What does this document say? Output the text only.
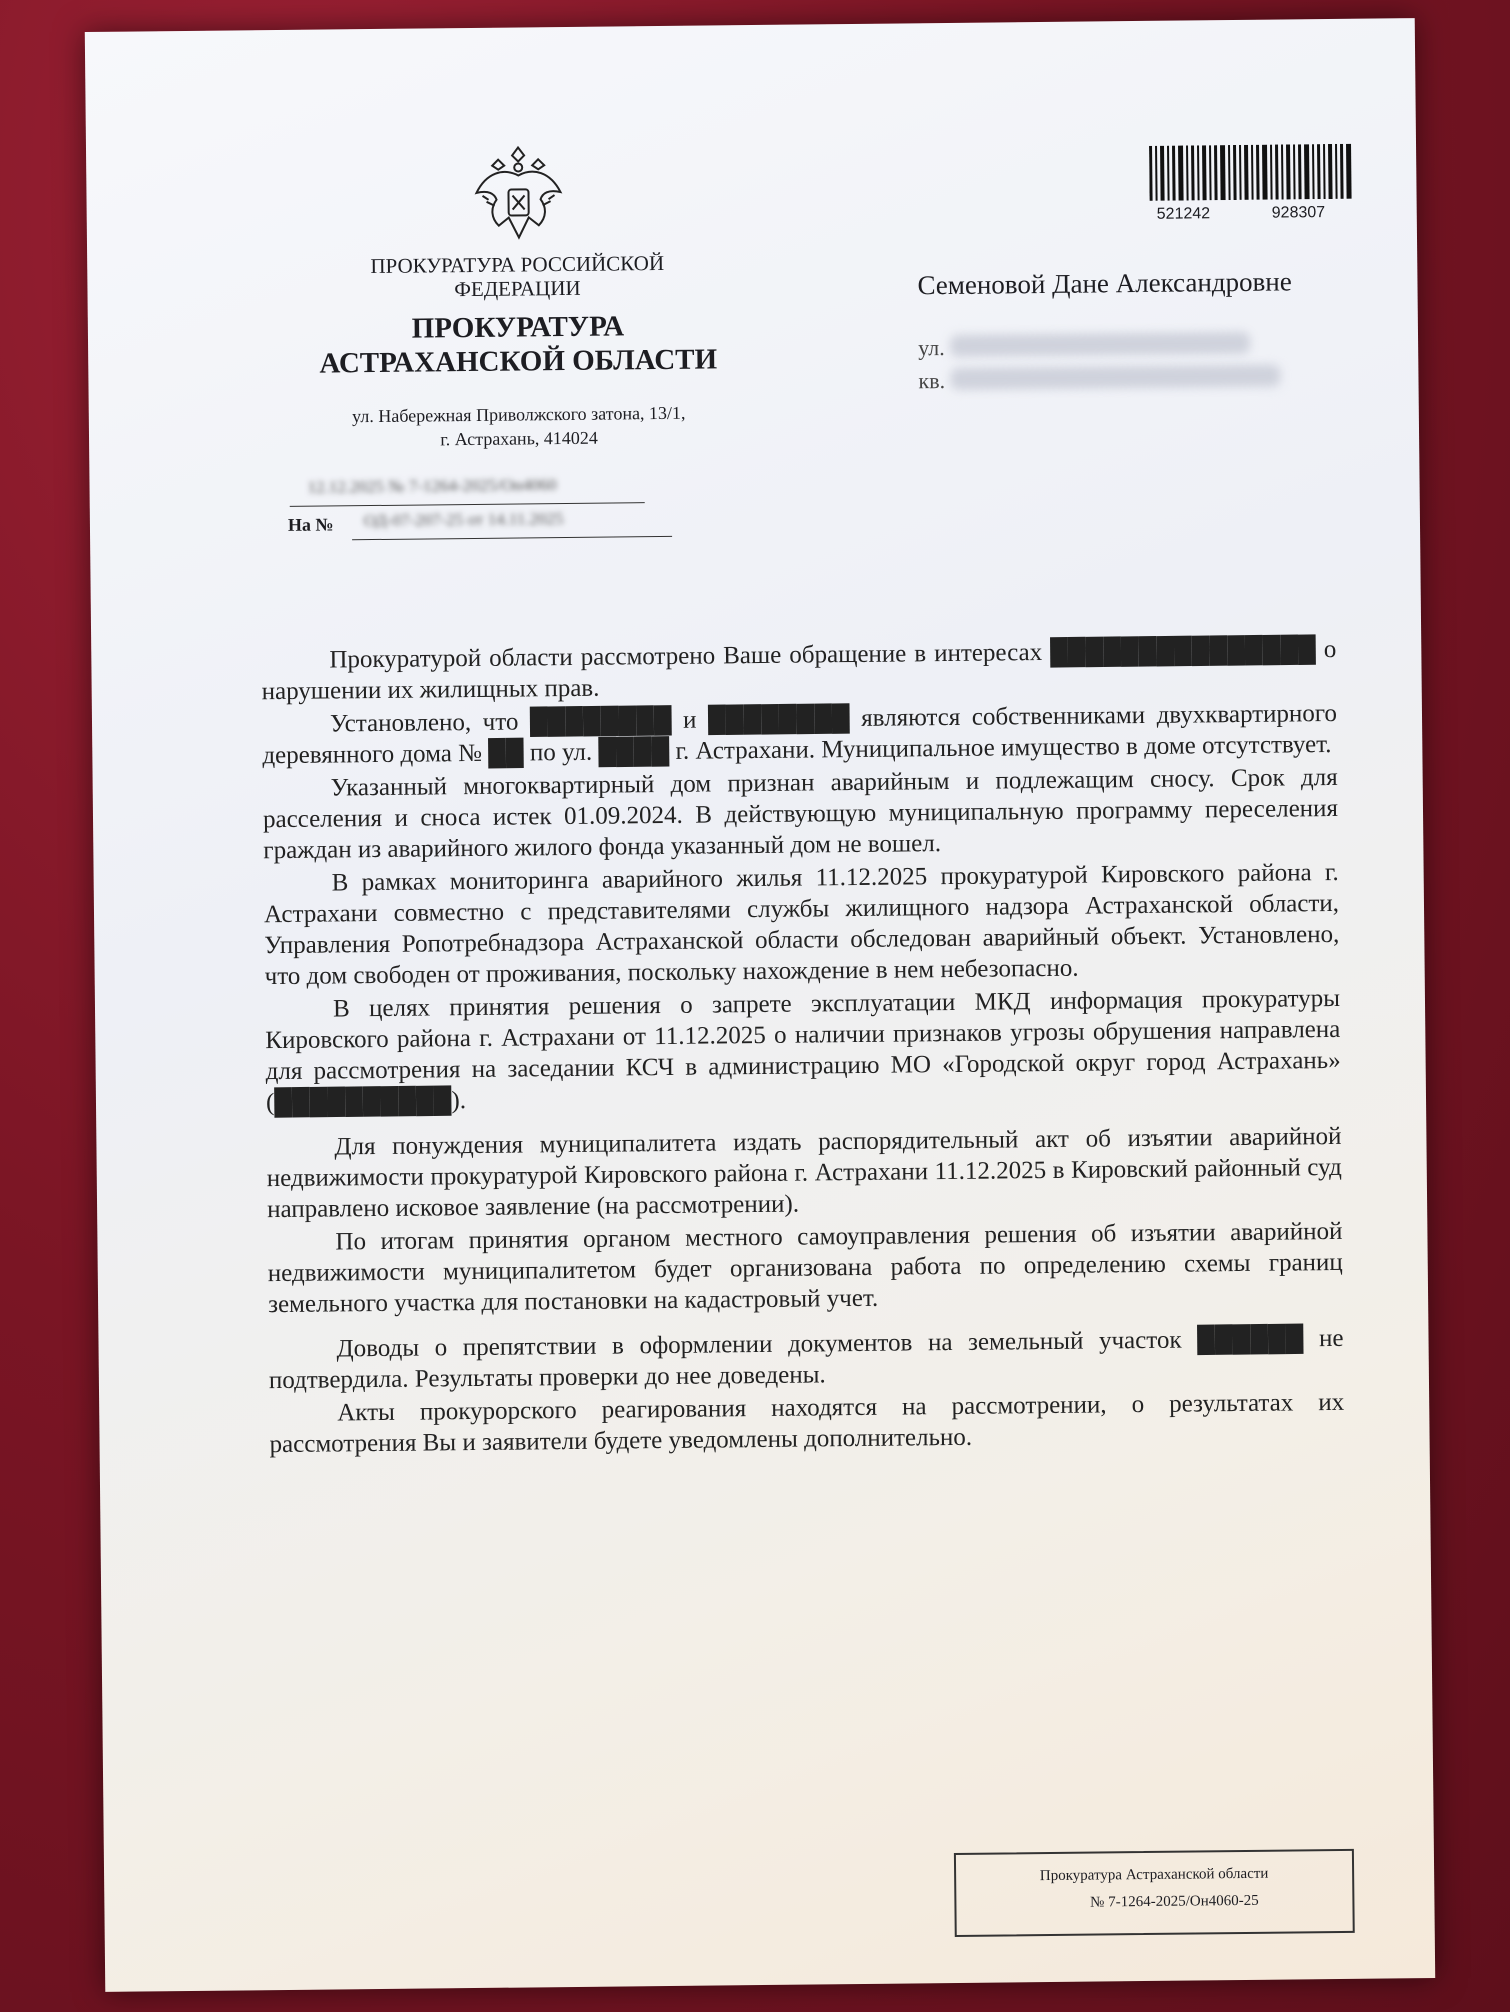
ПРОКУРАТУРА РОССИЙСКОЙ ФЕДЕРАЦИИ
ПРОКУРАТУРА
АСТРАХАНСКОЙ ОБЛАСТИ
ул. Набережная Приволжского затона, 13/1,
г. Астрахань, 414024
12.12.2025 № 7-1264-2025/Он4060
На №	ОД-07-207-25 от 14.11.2025
521242	928307
Семеновой Дане Александровне
ул.
кв.

Прокуратурой области рассмотрено Ваше обращение в интересах ███████████████ о нарушении их жилищных прав.

Установлено, что ████████ и ████████ являются собственниками двухквартирного деревянного дома № ██ по ул. ████ г. Астрахани. Муниципальное имущество в доме отсутствует.

Указанный многоквартирный дом признан аварийным и подлежащим сносу. Срок для расселения и сноса истек 01.09.2024. В действующую муниципальную программу переселения граждан из аварийного жилого фонда указанный дом не вошел.

В рамках мониторинга аварийного жилья 11.12.2025 прокуратурой Кировского района г. Астрахани совместно с представителями службы жилищного надзора Астраханской области, Управления Ропотребнадзора Астраханской области обследован аварийный объект. Установлено, что дом свободен от проживания, поскольку нахождение в нем небезопасно.

В целях принятия решения о запрете эксплуатации МКД информация прокуратуры Кировского района г. Астрахани от 11.12.2025 о наличии признаков угрозы обрушения направлена для рассмотрения на заседании КСЧ в администрацию МО «Городской округ город Астрахань» (██████████).

Для понуждения муниципалитета издать распорядительный акт об изъятии аварийной недвижимости прокуратурой Кировского района г. Астрахани 11.12.2025 в Кировский районный суд направлено исковое заявление (на рассмотрении).

По итогам принятия органом местного самоуправления решения об изъятии аварийной недвижимости муниципалитетом будет организована работа по определению схемы границ земельного участка для постановки на кадастровый учет.

Доводы о препятствии в оформлении документов на земельный участок ██████ не подтвердила. Результаты проверки до нее доведены.

Акты прокурорского реагирования находятся на рассмотрении, о результатах их рассмотрения Вы и заявители будете уведомлены дополнительно.

Прокуратура Астраханской области
№ 7-1264-2025/Он4060-25
